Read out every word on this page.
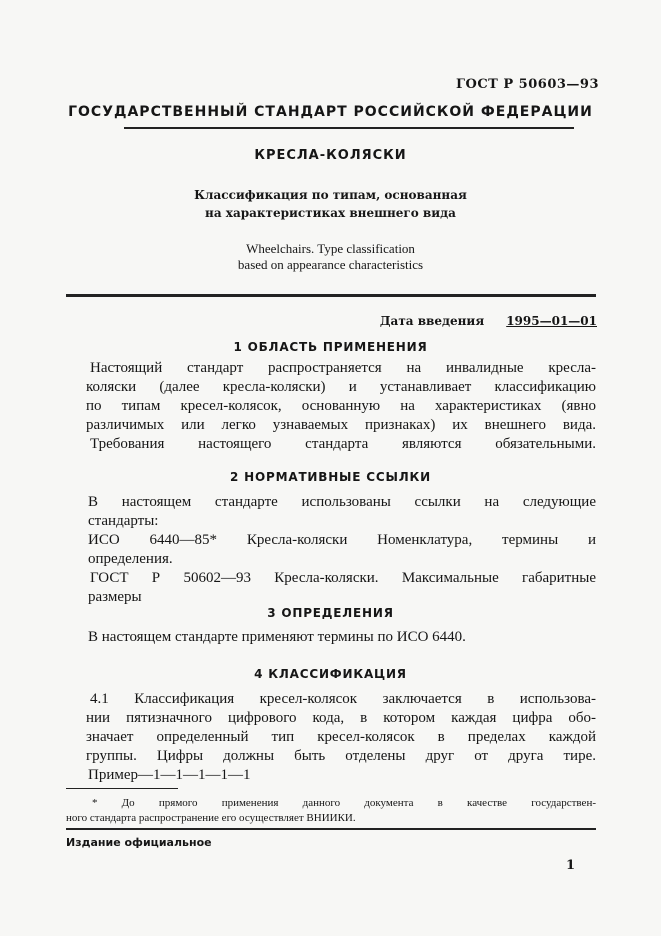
ГОСТ Р 50603—93
ГОСУДАРСТВЕННЫЙ СТАНДАРТ РОССИЙСКОЙ ФЕДЕРАЦИИ
КРЕСЛА-КОЛЯСКИ
Классификация по типам, основанная
на характеристиках внешнего вида
Wheelchairs. Type classification
based on appearance characteristics
Дата введения 1995—01—01
1 ОБЛАСТЬ ПРИМЕНЕНИЯ
Настоящий стандарт распространяется на инвалидные кресла-
коляски (далее кресла-коляски) и устанавливает классификацию
по типам кресел-колясок, основанную на характеристиках (явно
различимых или легко узнаваемых признаках) их внешнего вида.
Требования настоящего стандарта являются обязательными.
2 НОРМАТИВНЫЕ ССЫЛКИ
В настоящем стандарте использованы ссылки на следующие
стандарты:
ИСО 6440—85* Кресла-коляски Номенклатура, термины и
определения.
ГОСТ Р 50602—93 Кресла-коляски. Максимальные габаритные
размеры
3 ОПРЕДЕЛЕНИЯ
В настоящем стандарте применяют термины по ИСО 6440.
4 КЛАССИФИКАЦИЯ
4.1 Классификация кресел-колясок заключается в использова-
нии пятизначного цифрового кода, в котором каждая цифра обо-
значает определенный тип кресел-колясок в пределах каждой
группы. Цифры должны быть отделены друг от друга тире.
Пример—1—1—1—1—1
* До прямого применения данного документа в качестве государствен-
ного стандарта распространение его осуществляет ВНИИКИ.
Издание официальное
1
